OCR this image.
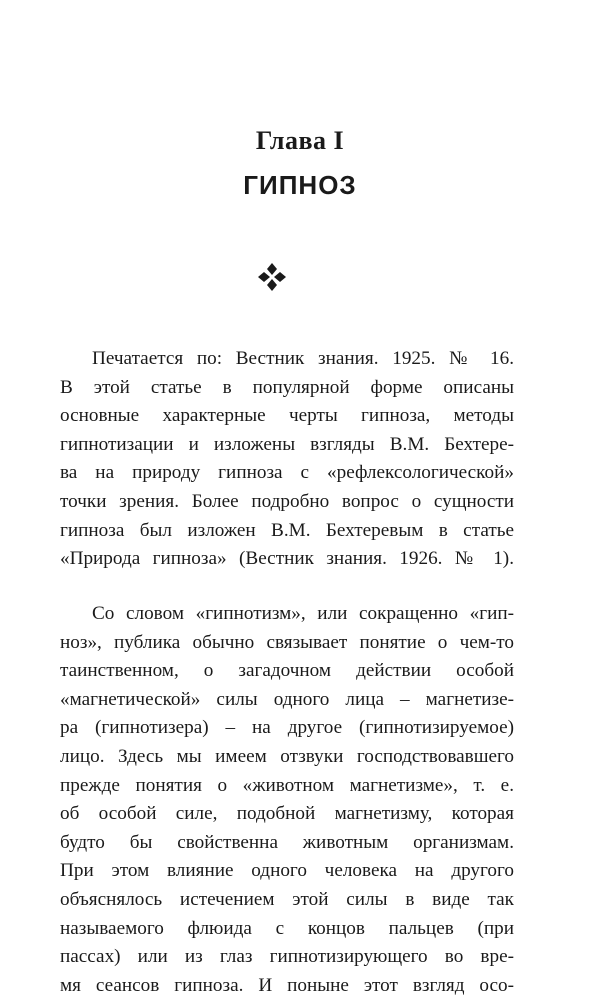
Глава I
ГИПНОЗ
Печатается по: Вестник знания. 1925. № 16.
В этой статье в популярной форме описаны
основные характерные черты гипноза, методы
гипнотизации и изложены взгляды В.М. Бехтере-
ва на природу гипноза с «рефлексологической»
точки зрения. Более подробно вопрос о сущности
гипноза был изложен В.М. Бехтеревым в статье
«Природа гипноза» (Вестник знания. 1926. № 1).
Со словом «гипнотизм», или сокращенно «гип-
ноз», публика обычно связывает понятие о чем-то
таинственном, о загадочном действии особой
«магнетической» силы одного лица – магнетизе-
ра (гипнотизера) – на другое (гипнотизируемое)
лицо. Здесь мы имеем отзвуки господствовавшего
прежде понятия о «животном магнетизме», т. е.
об особой силе, подобной магнетизму, которая
будто бы свойственна животным организмам.
При этом влияние одного человека на другого
объяснялось истечением этой силы в виде так
называемого флюида с концов пальцев (при
пассах) или из глаз гипнотизирующего во вре-
мя сеансов гипноза. И поныне этот взгляд осо-
